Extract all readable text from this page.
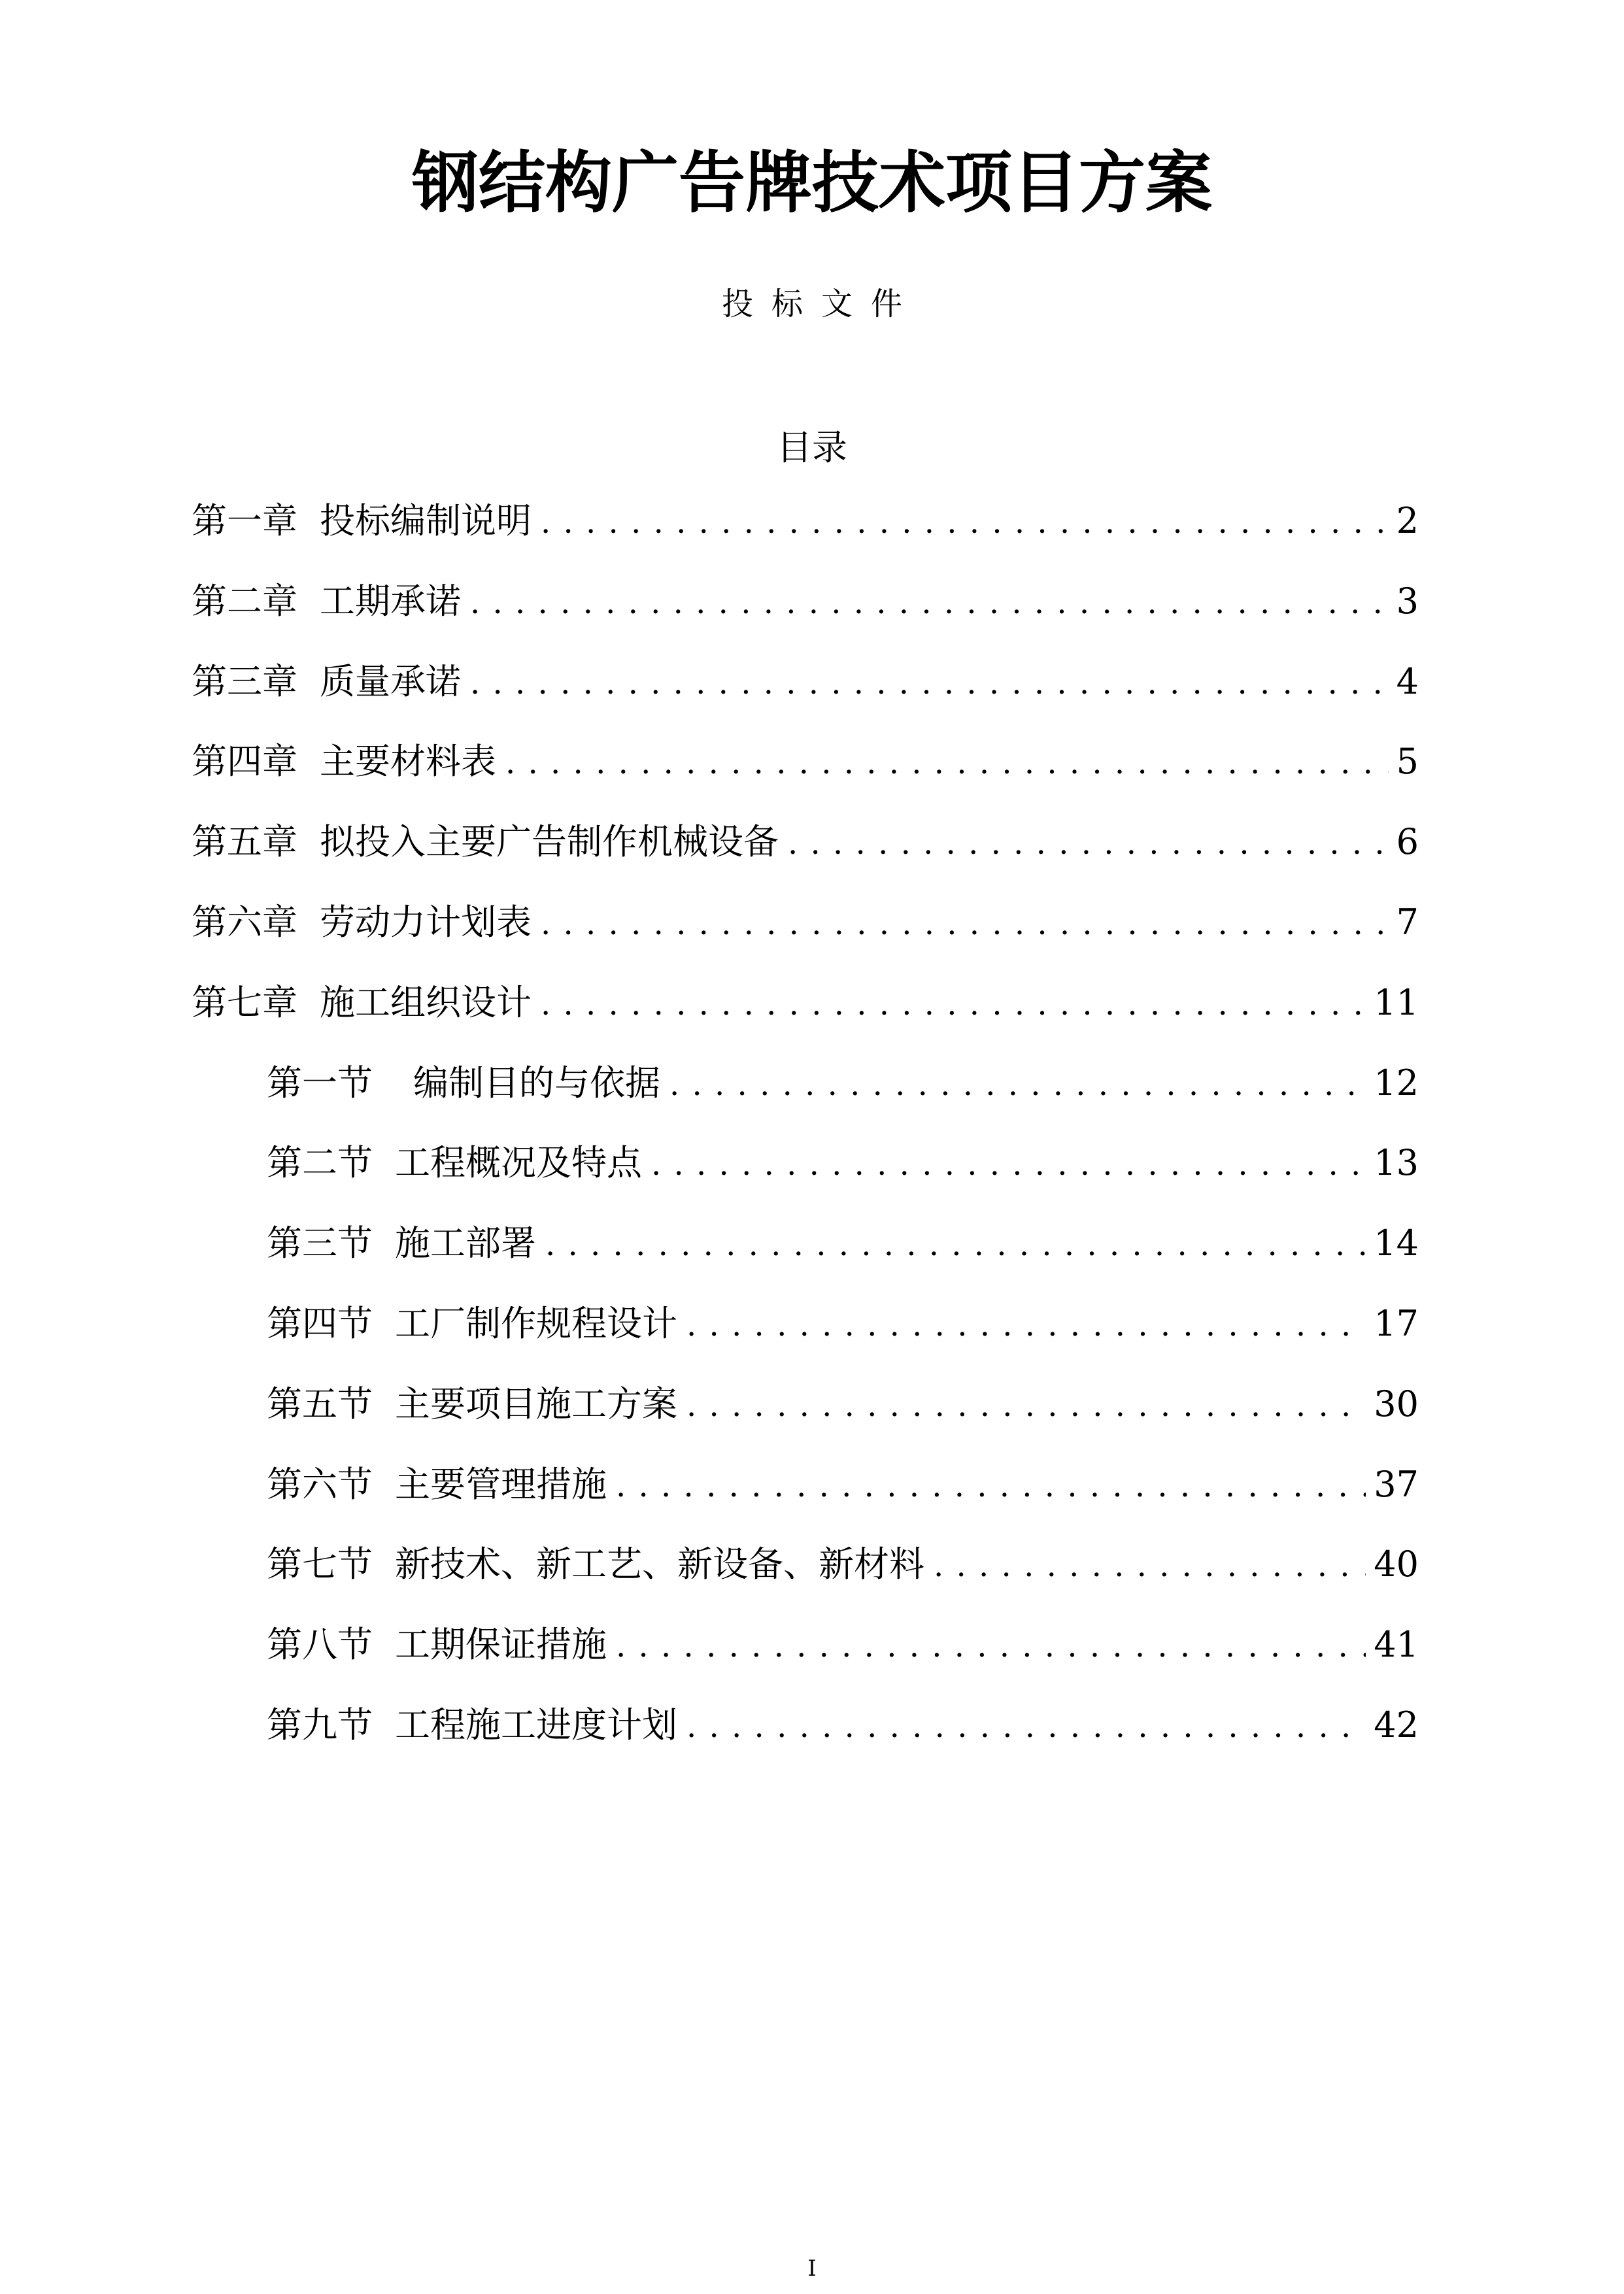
钢结构广告牌技术项目方案
投标文件
目录
第一章 投标编制说明 . . .	2
第二章 工期承诺 . . .	3
第三章 质量承诺 . . .	4
第四章 主要材料表 . . .	5
第五章 拟投入主要广告制作机械设备 . . .	6
第六章 劳动力计划表 . . .	7
第七章 施工组织设计 . . .	11
第一节 编制目的与依据 . . .	12
第二节 工程概况及特点 . . .	13
第三节 施工部署 . . .	14
第四节 工厂制作规程设计 . . .	17
第五节 主要项目施工方案 . . .	30
第六节 主要管理措施 . . .	37
第七节 新技术、新工艺、新设备、新材料 . . .	40
第八节 工期保证措施 . . .	41
第九节 工程施工进度计划 . . .	42
I
